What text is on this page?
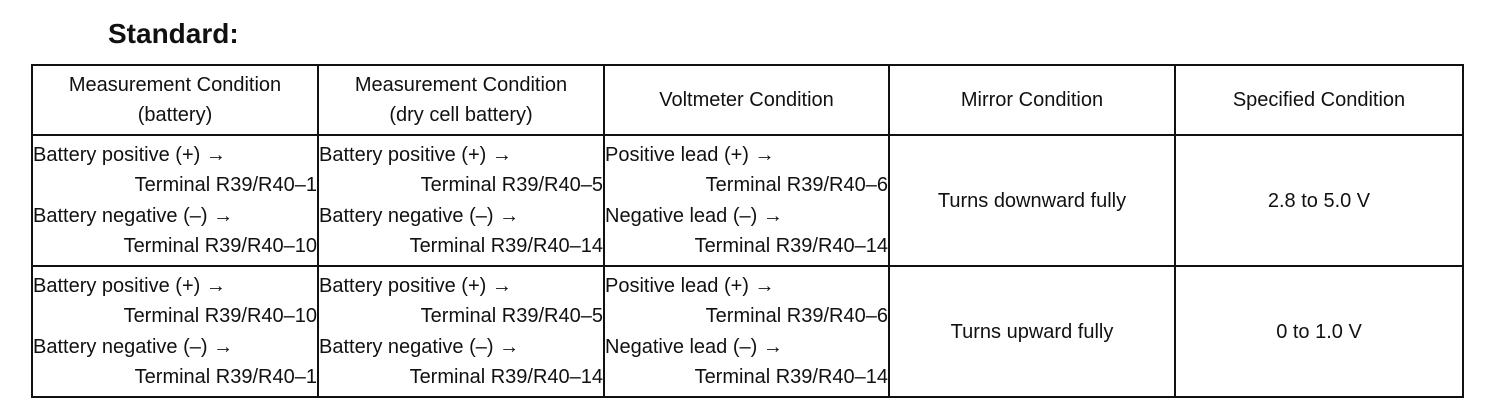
Standard:
Measurement Condition
(battery)	Measurement Condition
(dry cell battery)	Voltmeter Condition	Mirror Condition	Specified Condition

Battery positive (+) →
Terminal R39/R40–1
Battery negative (–) →
Terminal R39/R40–10	Battery positive (+) →
Terminal R39/R40–5
Battery negative (–) →
Terminal R39/R40–14	Positive lead (+) →
Terminal R39/R40–6
Negative lead (–) →
Terminal R39/R40–14	Turns downward fully	2.8 to 5.0 V

Battery positive (+) →
Terminal R39/R40–10
Battery negative (–) →
Terminal R39/R40–1	Battery positive (+) →
Terminal R39/R40–5
Battery negative (–) →
Terminal R39/R40–14	Positive lead (+) →
Terminal R39/R40–6
Negative lead (–) →
Terminal R39/R40–14	Turns upward fully	0 to 1.0 V
